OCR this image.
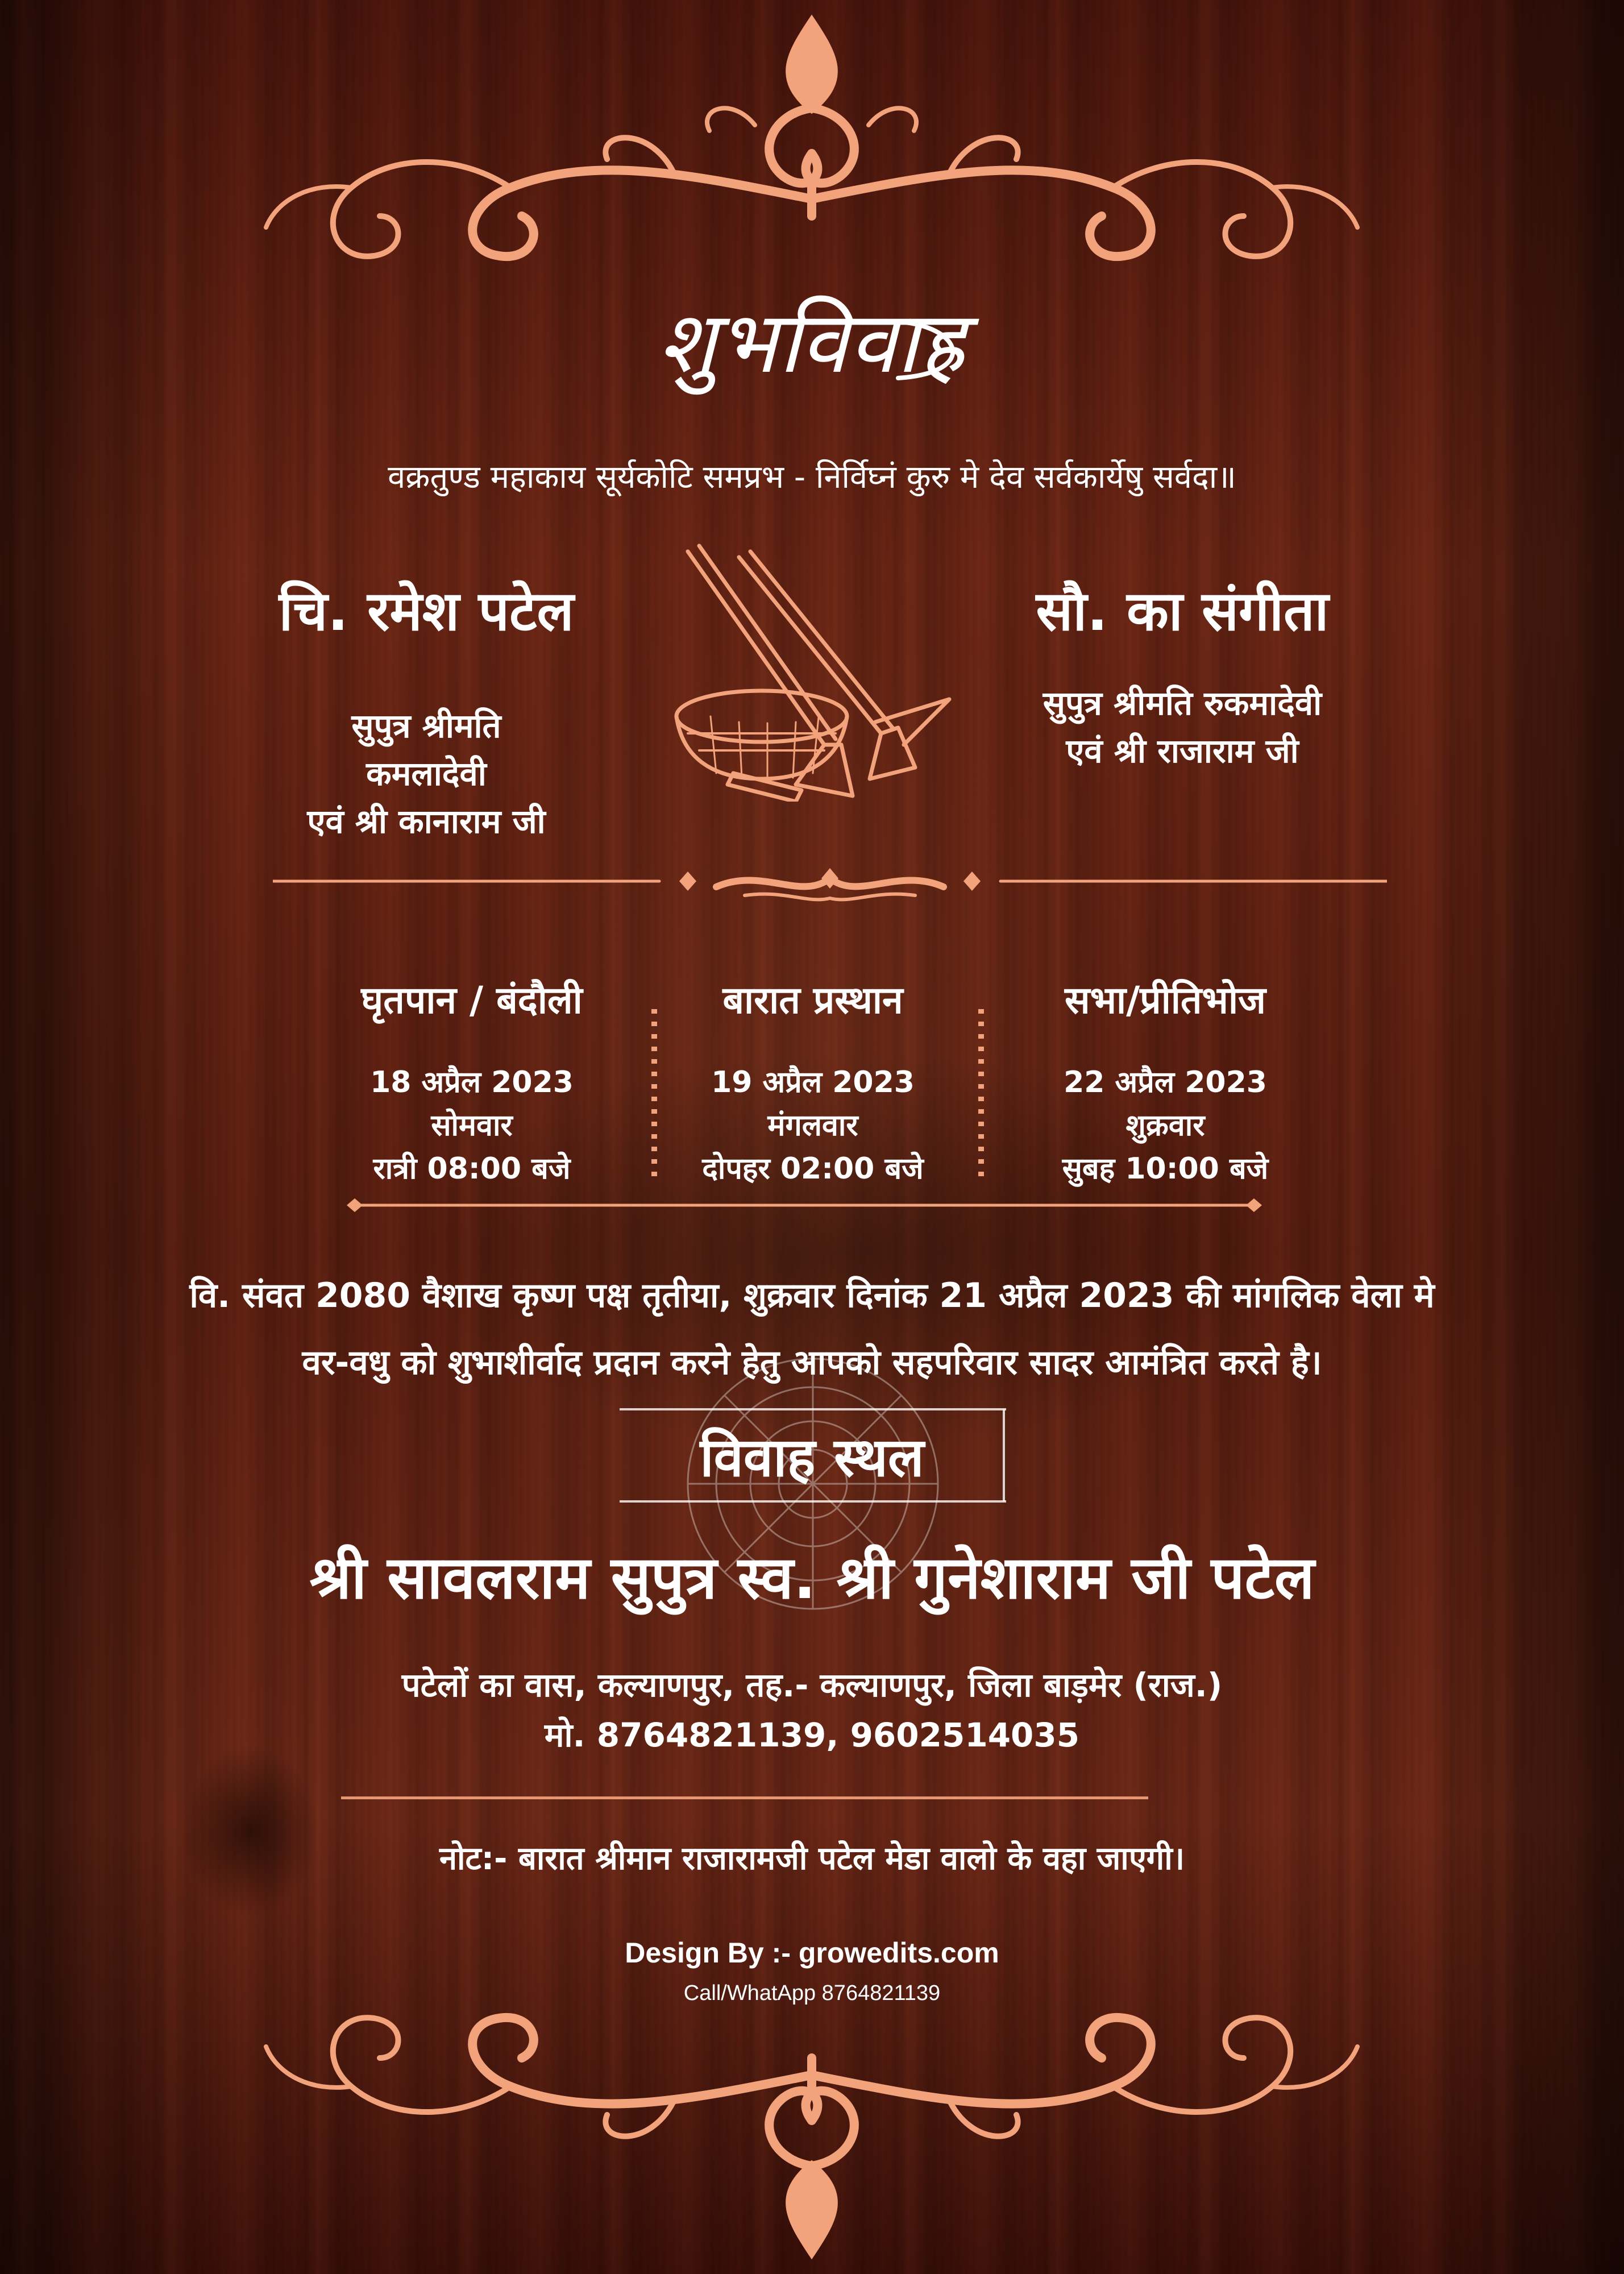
शुभविवाह
वक्रतुण्ड महाकाय सूर्यकोटि समप्रभ - निर्विघ्नं कुरु मे देव सर्वकार्येषु सर्वदा॥
चि. रमेश पटेल
सुपुत्र श्रीमति
कमलादेवी
एवं श्री कानाराम जी
सौ. का संगीता
सुपुत्र श्रीमति रुकमादेवी
एवं श्री राजाराम जी
घृतपान / बंदौली	बारात प्रस्थान	सभा/प्रीतिभोज
18 अप्रैल 2023	19 अप्रैल 2023	22 अप्रैल 2023
सोमवार	मंगलवार	शुक्रवार
रात्री 08:00 बजे	दोपहर 02:00 बजे	सुबह 10:00 बजे
वि. संवत 2080 वैशाख कृष्ण पक्ष तृतीया, शुक्रवार दिनांक 21 अप्रैल 2023 की मांगलिक वेला मे
वर-वधु को शुभाशीर्वाद प्रदान करने हेतु आपको सहपरिवार सादर आमंत्रित करते है।
विवाह स्थल
श्री सावलराम सुपुत्र स्व. श्री गुनेशाराम जी पटेल
पटेलों का वास, कल्याणपुर, तह.- कल्याणपुर, जिला बाड़मेर (राज.)
मो. 8764821139, 9602514035
नोट:- बारात श्रीमान राजारामजी पटेल मेडा वालो के वहा जाएगी।
Design By :- growedits.com
Call/WhatApp 8764821139
